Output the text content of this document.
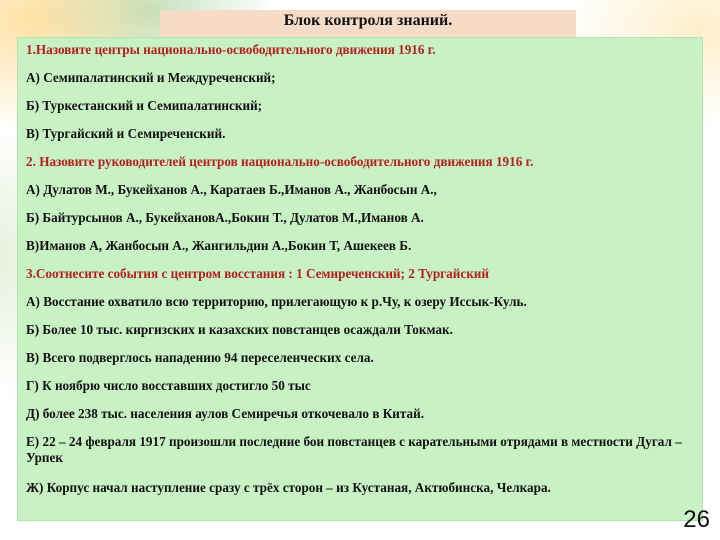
Блок контроля знаний.
1.Назовите центры национально-освободительного движения 1916 г.
А) Семипалатинский и Междуреченский;
Б) Туркестанский и Семипалатинский;
В) Тургайский и Семиреченский.
2. Назовите руководителей центров национально-освободительного движения 1916 г.
А) Дулатов М., Букейханов А., Каратаев Б.,Иманов А., Жанбосын А.,
Б) Байтурсынов А., БукейхановА.,Бокин Т., Дулатов М.,Иманов А.
В)Иманов А, Жанбосын А., Жангильдин А.,Бокин Т, Ашекеев Б.
3.Соотнесите события с центром восстания : 1 Семиреченский; 2 Тургайский
А) Восстание охватило всю территорию, прилегающую к р.Чу, к озеру Иссык-Куль.
Б) Более 10 тыс. киргизских и казахских повстанцев осаждали Токмак.
В) Всего подверглось нападению 94 переселенческих села.
Г) К ноябрю число восставших достигло 50 тыс
Д) более 238 тыс. населения аулов Семиречья откочевало в Китай.
Е) 22 – 24 февраля 1917 произошли последние бои повстанцев с карательными отрядами в местности Дугал – Урпек
Ж) Корпус начал наступление сразу с трёх сторон – из Кустаная, Актюбинска, Челкара.
26
